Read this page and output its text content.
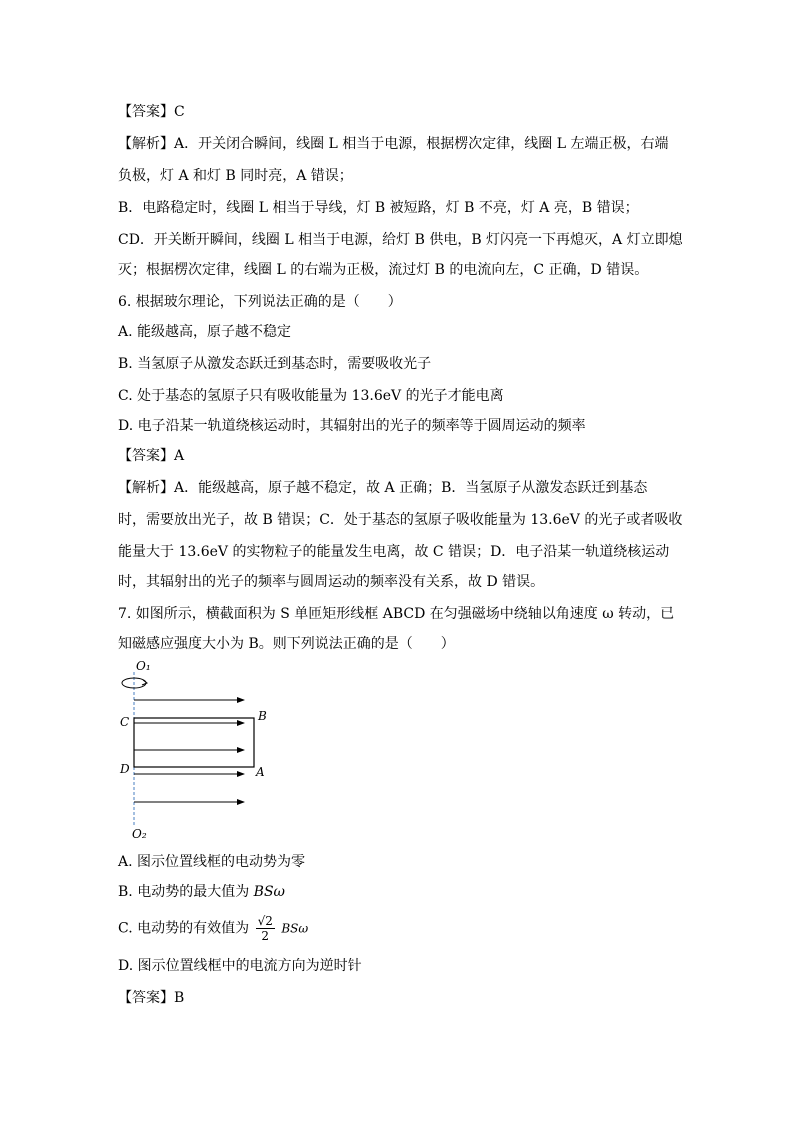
【答案】C
【解析】A．开关闭合瞬间，线圈 L 相当于电源，根据楞次定律，线圈 L 左端正极，右端
负极，灯 A 和灯 B 同时亮，A 错误；
B．电路稳定时，线圈 L 相当于导线，灯 B 被短路，灯 B 不亮，灯 A 亮，B 错误；
CD．开关断开瞬间，线圈 L 相当于电源，给灯 B 供电，B 灯闪亮一下再熄灭，A 灯立即熄
灭；根据楞次定律，线圈 L 的右端为正极，流过灯 B 的电流向左，C 正确，D 错误。
6. 根据玻尔理论，下列说法正确的是（　　）
A. 能级越高，原子越不稳定
B. 当氢原子从激发态跃迁到基态时，需要吸收光子
C. 处于基态的氢原子只有吸收能量为 13.6eV 的光子才能电离
D. 电子沿某一轨道绕核运动时，其辐射出的光子的频率等于圆周运动的频率
【答案】A
【解析】A．能级越高，原子越不稳定，故 A 正确；B．当氢原子从激发态跃迁到基态
时，需要放出光子，故 B 错误；C．处于基态的氢原子吸收能量为 13.6eV 的光子或者吸收
能量大于 13.6eV 的实物粒子的能量发生电离，故 C 错误；D．电子沿某一轨道绕核运动
时，其辐射出的光子的频率与圆周运动的频率没有关系，故 D 错误。
7. 如图所示，横截面积为 S 单匝矩形线框 ABCD 在匀强磁场中绕轴以角速度 ω 转动，已
知磁感应强度大小为 B。则下列说法正确的是（　　）
O₁
O₂
C
D
B
A
A. 图示位置线框的电动势为零
B. 电动势的最大值为 BSω
C. 电动势的有效值为 $\frac{√2}{2}$ BSω
D. 图示位置线框中的电流方向为逆时针
【答案】B
